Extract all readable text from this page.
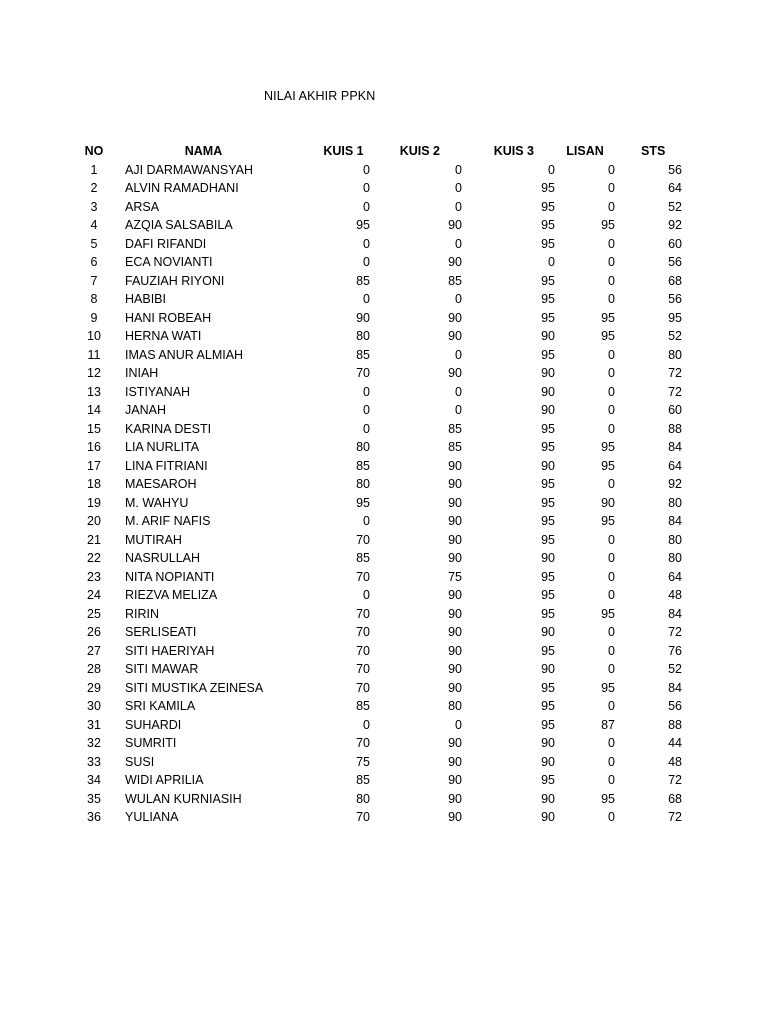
NILAI AKHIR PPKN
NO	NAMA	KUIS 1	KUIS 2	KUIS 3	LISAN	STS
1	AJI DARMAWANSYAH	0	0	0	0	56
2	ALVIN RAMADHANI	0	0	95	0	64
3	ARSA	0	0	95	0	52
4	AZQIA SALSABILA	95	90	95	95	92
5	DAFI RIFANDI	0	0	95	0	60
6	ECA NOVIANTI	0	90	0	0	56
7	FAUZIAH RIYONI	85	85	95	0	68
8	HABIBI	0	0	95	0	56
9	HANI ROBEAH	90	90	95	95	95
10	HERNA WATI	80	90	90	95	52
11	IMAS ANUR ALMIAH	85	0	95	0	80
12	INIAH	70	90	90	0	72
13	ISTIYANAH	0	0	90	0	72
14	JANAH	0	0	90	0	60
15	KARINA DESTI	0	85	95	0	88
16	LIA NURLITA	80	85	95	95	84
17	LINA FITRIANI	85	90	90	95	64
18	MAESAROH	80	90	95	0	92
19	M. WAHYU	95	90	95	90	80
20	M. ARIF NAFIS	0	90	95	95	84
21	MUTIRAH	70	90	95	0	80
22	NASRULLAH	85	90	90	0	80
23	NITA NOPIANTI	70	75	95	0	64
24	RIEZVA MELIZA	0	90	95	0	48
25	RIRIN	70	90	95	95	84
26	SERLISEATI	70	90	90	0	72
27	SITI HAERIYAH	70	90	95	0	76
28	SITI MAWAR	70	90	90	0	52
29	SITI MUSTIKA ZEINESA	70	90	95	95	84
30	SRI KAMILA	85	80	95	0	56
31	SUHARDI	0	0	95	87	88
32	SUMRITI	70	90	90	0	44
33	SUSI	75	90	90	0	48
34	WIDI APRILIA	85	90	95	0	72
35	WULAN KURNIASIH	80	90	90	95	68
36	YULIANA	70	90	90	0	72
